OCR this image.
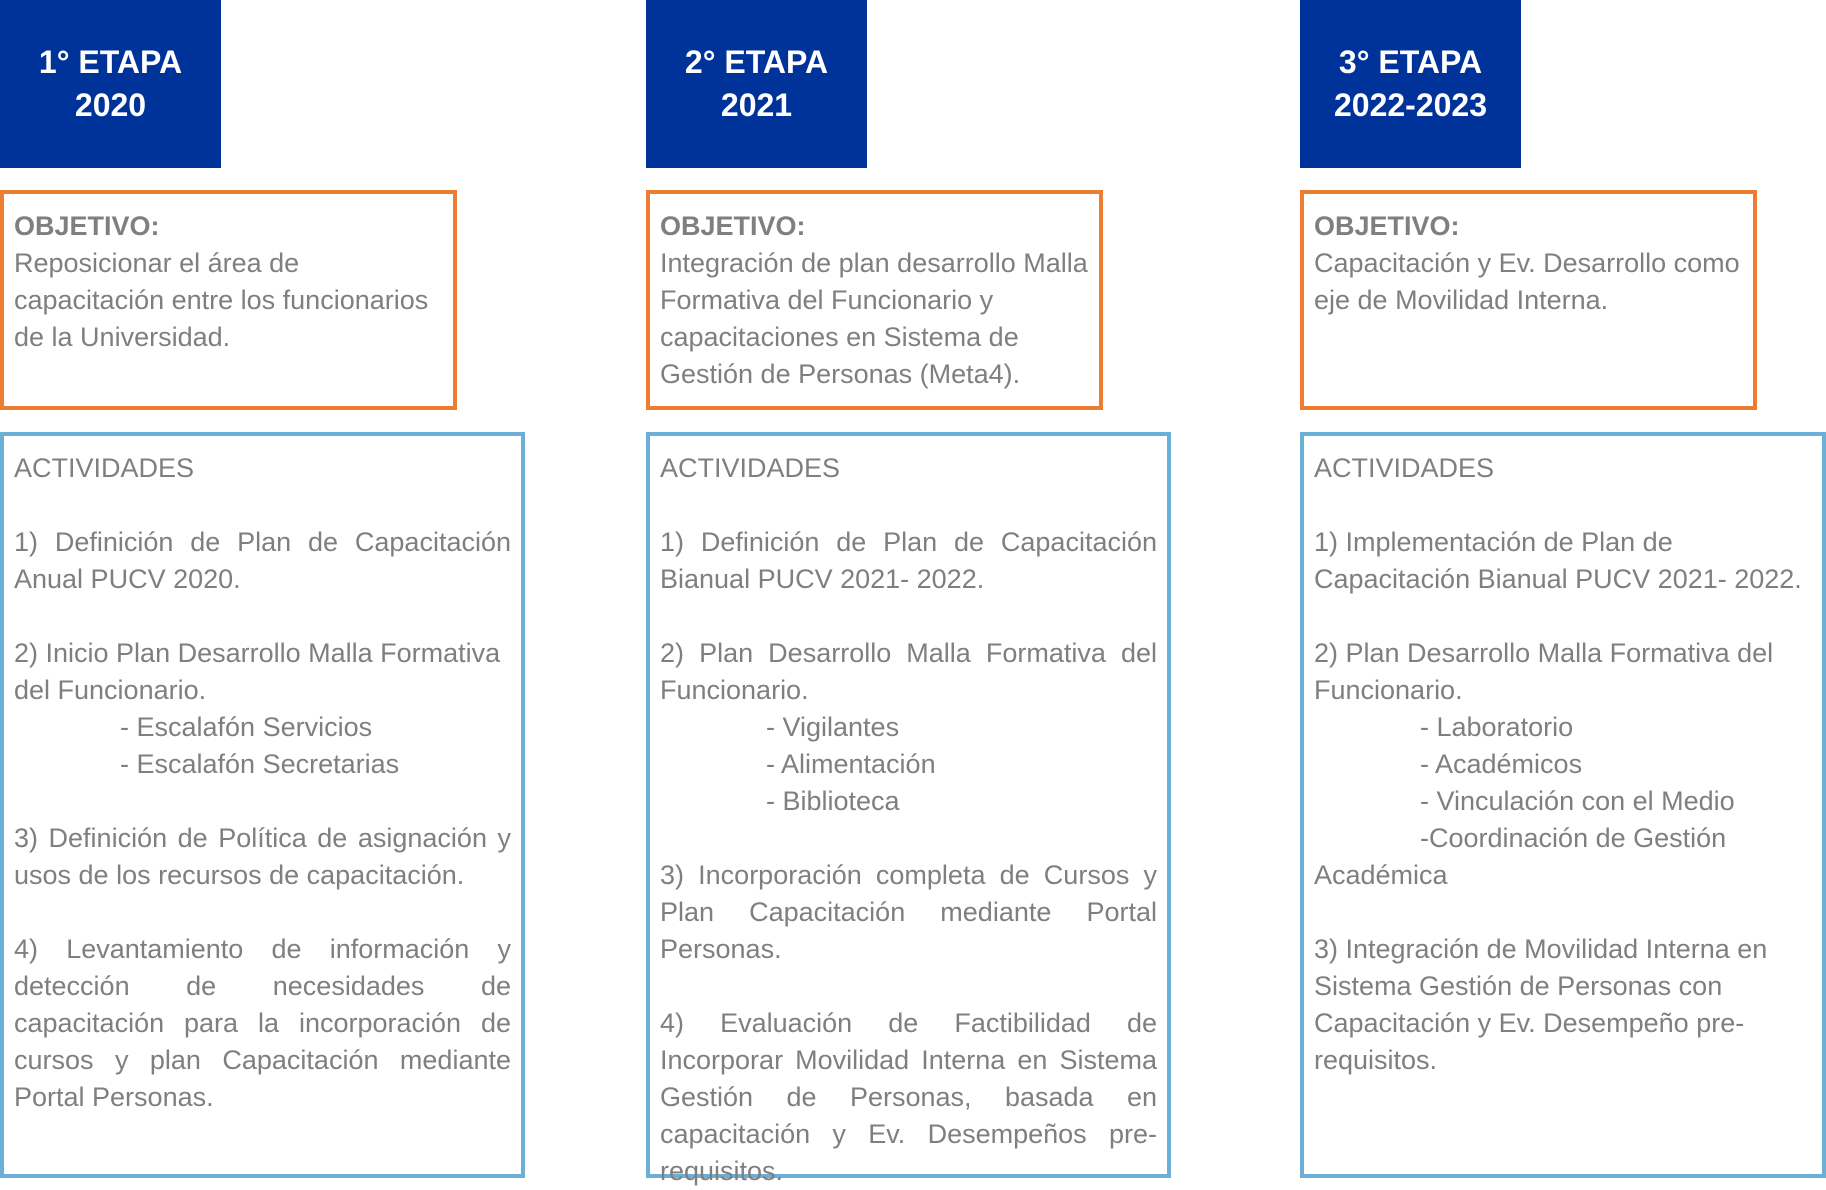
1° ETAPA
2020
OBJETIVO:
Reposicionar el área de capacitación entre los funcionarios de la Universidad.
ACTIVIDADES
1) Definición de Plan de Capacitación Anual PUCV 2020.
2) Inicio Plan Desarrollo Malla Formativa del Funcionario.
- Escalafón Servicios
- Escalafón Secretarias
3) Definición de Política de asignación y usos de los recursos de capacitación.
4) Levantamiento de información y detección de necesidades de capacitación para la incorporación de cursos y plan Capacitación mediante Portal Personas.
2° ETAPA
2021
OBJETIVO:
Integración de plan desarrollo Malla Formativa del Funcionario y capacitaciones en Sistema de Gestión de Personas (Meta4).
ACTIVIDADES
1) Definición de Plan de Capacitación Bianual PUCV 2021- 2022.
2) Plan Desarrollo Malla Formativa del Funcionario.
- Vigilantes
- Alimentación
- Biblioteca
3) Incorporación completa de Cursos y Plan Capacitación mediante Portal Personas.
4) Evaluación de Factibilidad de Incorporar Movilidad Interna en Sistema Gestión de Personas, basada en capacitación y Ev. Desempeños pre-requisitos.
3° ETAPA
2022-2023
OBJETIVO:
Capacitación y Ev. Desarrollo como eje de Movilidad Interna.
ACTIVIDADES
1) Implementación de Plan de Capacitación Bianual PUCV 2021- 2022.
2) Plan Desarrollo Malla Formativa del Funcionario.
- Laboratorio
- Académicos
- Vinculación con el Medio
-Coordinación de Gestión
Académica
3) Integración de Movilidad Interna en Sistema Gestión de Personas con Capacitación y Ev. Desempeño pre-requisitos.
